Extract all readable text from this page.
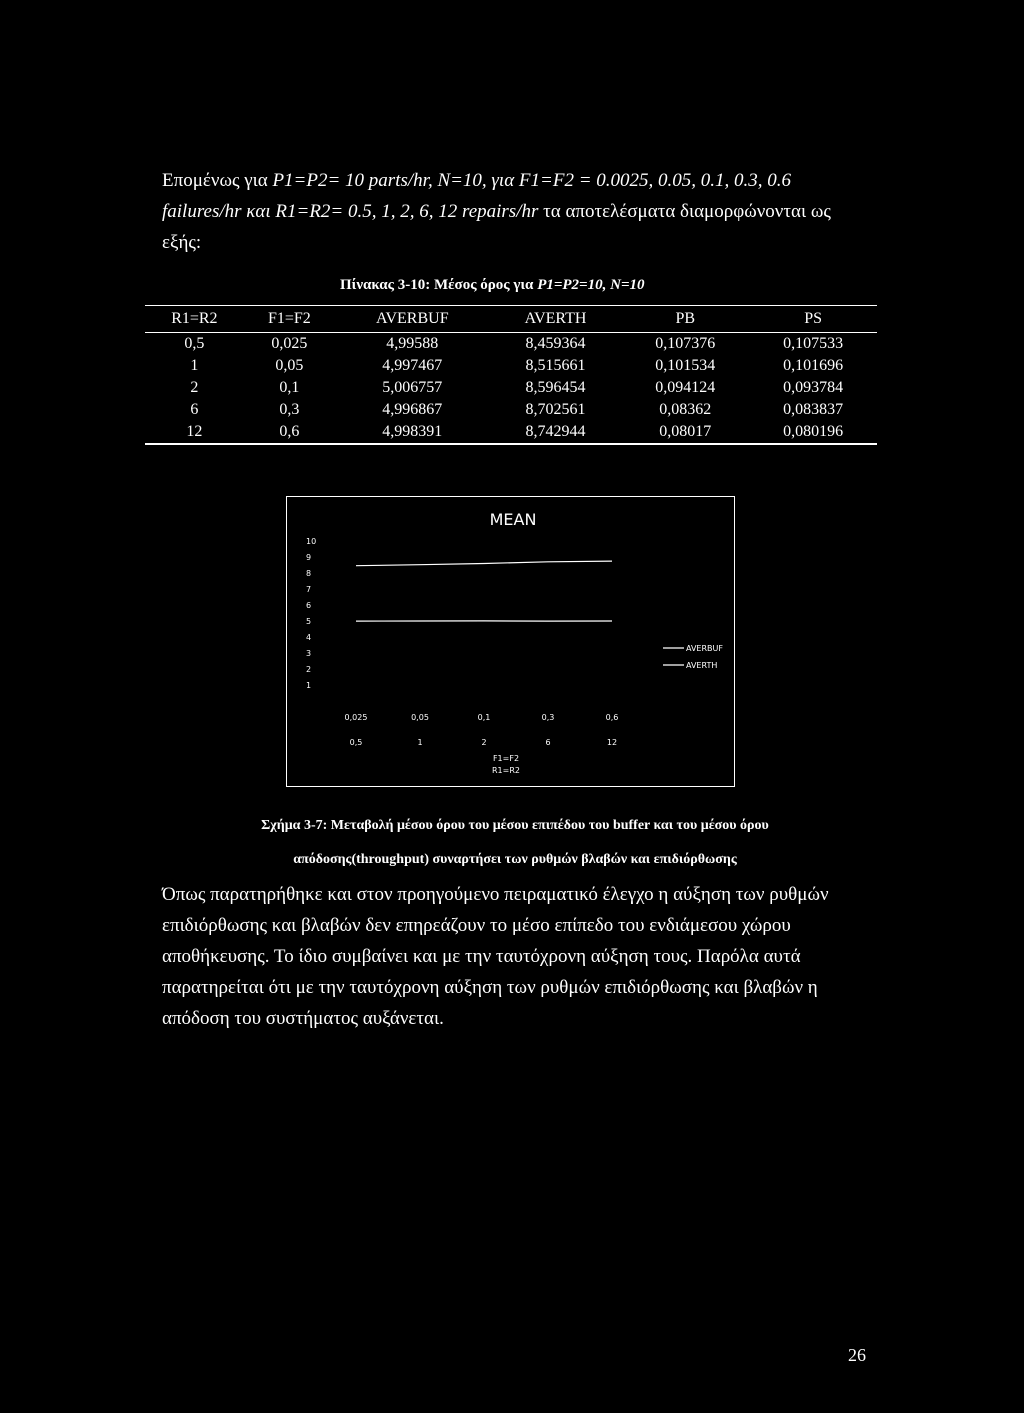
Επομένως για P1=P2= 10 parts/hr, N=10, για F1=F2 = 0.0025, 0.05, 0.1, 0.3, 0.6 failures/hr και R1=R2= 0.5, 1, 2, 6, 12 repairs/hr τα αποτελέσματα διαμορφώνονται ως εξής:
Πίνακας 3-10: Μέσος όρος για P1=P2=10, N=10
R1=R2	F1=F2	AVERBUF	AVERTH	PB	PS
0,5	0,025	4,99588	8,459364	0,107376	0,107533
1	0,05	4,997467	8,515661	0,101534	0,101696
2	0,1	5,006757	8,596454	0,094124	0,093784
6	0,3	4,996867	8,702561	0,08362	0,083837
12	0,6	4,998391	8,742944	0,08017	0,080196
MEAN
10
9
8
7
6
5
4
3
2
1
0,025	0,05	0,1	0,3	0,6
0,5	1	2	6	12
F1=F2
R1=R2
AVERBUF
AVERTH
Σχήμα 3-7: Μεταβολή μέσου όρου του μέσου επιπέδου του buffer και του μέσου όρου
απόδοσης(throughput) συναρτήσει των ρυθμών βλαβών και επιδιόρθωσης
Όπως παρατηρήθηκε και στον προηγούμενο πειραματικό έλεγχο η αύξηση των ρυθμών επιδιόρθωσης και βλαβών δεν επηρεάζουν το μέσο επίπεδο του ενδιάμεσου χώρου αποθήκευσης. Το ίδιο συμβαίνει και με την ταυτόχρονη αύξηση τους. Παρόλα αυτά παρατηρείται ότι με την ταυτόχρονη αύξηση των ρυθμών επιδιόρθωσης και βλαβών η απόδοση του συστήματος αυξάνεται.
26
